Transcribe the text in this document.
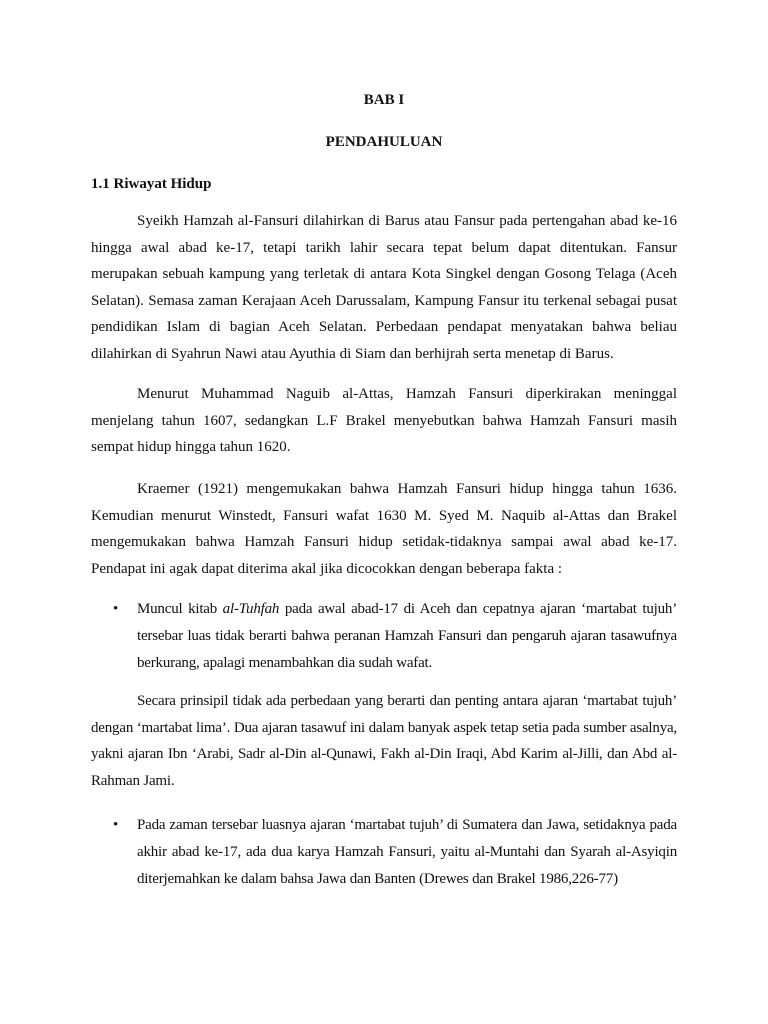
BAB I
PENDAHULUAN
1.1 Riwayat Hidup

Syeikh Hamzah al-Fansuri dilahirkan di Barus atau Fansur pada pertengahan abad ke-16 hingga awal abad ke-17, tetapi tarikh lahir secara tepat belum dapat ditentukan. Fansur merupakan sebuah kampung yang terletak di antara Kota Singkel dengan Gosong Telaga (Aceh Selatan). Semasa zaman Kerajaan Aceh Darussalam, Kampung Fansur itu terkenal sebagai pusat pendidikan Islam di bagian Aceh Selatan. Perbedaan pendapat menyatakan bahwa beliau dilahirkan di Syahrun Nawi atau Ayuthia di Siam dan berhijrah serta menetap di Barus.

Menurut Muhammad Naguib al-Attas, Hamzah Fansuri diperkirakan meninggal menjelang tahun 1607, sedangkan L.F Brakel menyebutkan bahwa Hamzah Fansuri masih sempat hidup hingga tahun 1620.

Kraemer (1921) mengemukakan bahwa Hamzah Fansuri hidup hingga tahun 1636. Kemudian menurut Winstedt, Fansuri wafat 1630 M. Syed M. Naquib al-Attas dan Brakel mengemukakan bahwa Hamzah Fansuri hidup setidak-tidaknya sampai awal abad ke-17. Pendapat ini agak dapat diterima akal jika dicocokkan dengan beberapa fakta :

•	Muncul kitab al-Tuhfah pada awal abad-17 di Aceh dan cepatnya ajaran ‘martabat tujuh’ tersebar luas tidak berarti bahwa peranan Hamzah Fansuri dan pengaruh ajaran tasawufnya berkurang, apalagi menambahkan dia sudah wafat.

Secara prinsipil tidak ada perbedaan yang berarti dan penting antara ajaran ‘martabat tujuh’ dengan ‘martabat lima’. Dua ajaran tasawuf ini dalam banyak aspek tetap setia pada sumber asalnya, yakni ajaran Ibn ‘Arabi, Sadr al-Din al-Qunawi, Fakh al-Din Iraqi, Abd Karim al-Jilli, dan Abd al-Rahman Jami.

•	Pada zaman tersebar luasnya ajaran ‘martabat tujuh’ di Sumatera dan Jawa, setidaknya pada akhir abad ke-17, ada dua karya Hamzah Fansuri, yaitu al-Muntahi dan Syarah al-Asyiqin diterjemahkan ke dalam bahsa Jawa dan Banten (Drewes dan Brakel 1986,226-77)
